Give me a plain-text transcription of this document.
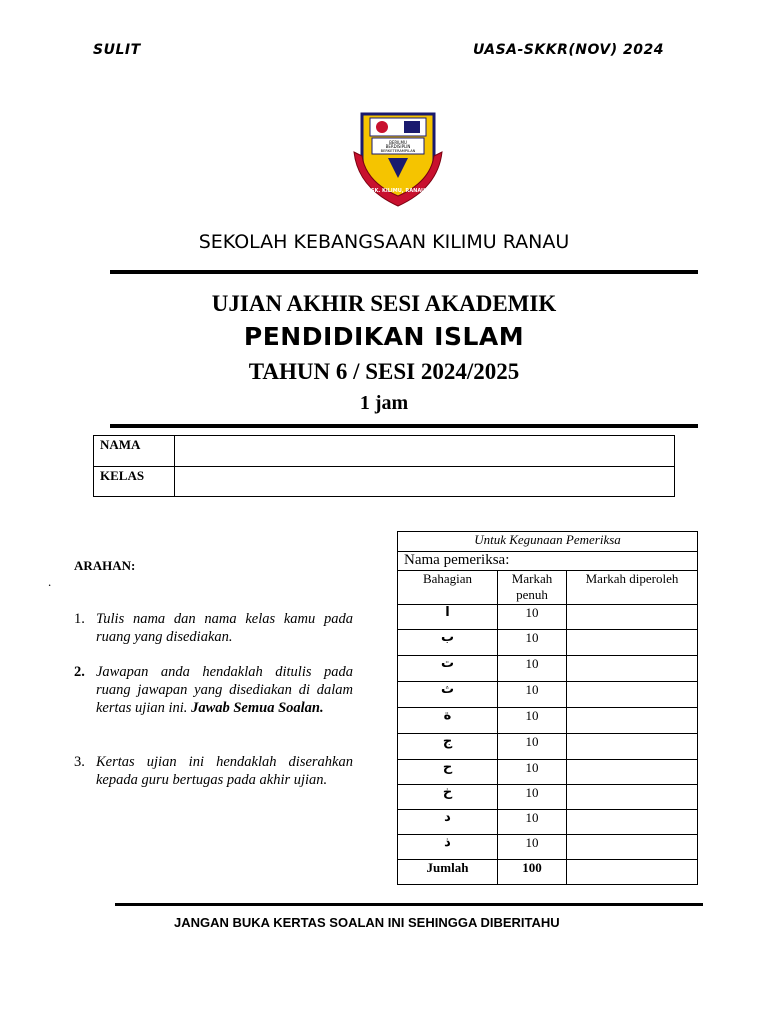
SULIT	UASA-SKKR(NOV) 2024
BERILMU
BERDISIPLIN
BERKETERAMPILAN
SK. KILIMU, RANAU
SEKOLAH KEBANGSAAN KILIMU RANAU
UJIAN AKHIR SESI AKADEMIK
PENDIDIKAN ISLAM
TAHUN 6 / SESI 2024/2025
1 jam
NAMA	
KELAS	
ARAHAN:
.
1. Tulis nama dan nama kelas kamu pada ruang yang disediakan.
2. Jawapan anda hendaklah ditulis pada ruang jawapan yang disediakan di dalam kertas ujian ini. Jawab Semua Soalan.
3. Kertas ujian ini hendaklah diserahkan kepada guru bertugas pada akhir ujian.
Untuk Kegunaan Pemeriksa		
Nama pemeriksa:		
Bahagian	Markah penuh	Markah diperoleh
ا	10	
ب	10	
ت	10	
ث	10	
ة	10	
ج	10	
ح	10	
خ	10	
د	10	
ذ	10	
Jumlah	100	
JANGAN BUKA KERTAS SOALAN INI SEHINGGA DIBERITAHU
